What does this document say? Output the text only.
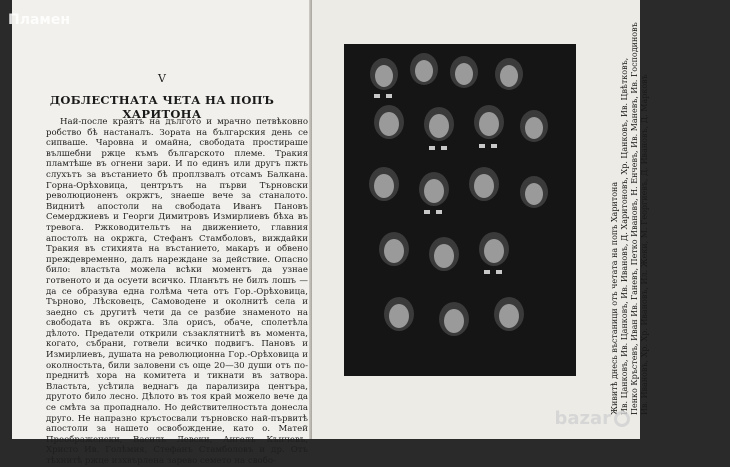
V
ДОБЛЕСТНАТА ЧЕТА НА ПОПЪ ХАРИТОНА

Най-после краятъ на дългото и мрачно петвѣковно робство бѣ настаналъ. Зората на българския день се сипваше. Чаровна и омайна, свободата простираше вълшебни ржце къмъ българското племе. Тракия пламтѣше въ огнени зари. И по единъ или другъ пжть слухътъ за въстанието бѣ проплзвалъ отсамъ Балкана. Горна-Орѣховица, центрътъ на първи Търновски революционенъ окржгъ, знаеше вече за станалото. Виднитѣ апостоли на свободата Иванъ Пановъ Семерджиевъ и Георги Димитровъ Измирлиевъ бѣха въ тревога. Ржководительтъ на движението, главния апостолъ на окржга, Стефанъ Стамболовъ, виждайки Тракия въ стихията на въстанието, макаръ и обвено преждевременно, далъ нареждане за действие. Опасно било: властьта можела всѣки моментъ да узнае готвеното и да осуети всичко. Планътъ не билъ лошъ — да се образува една голѣма чета отъ Гор.-Орѣховица, Търново, Лѣсковецъ, Самоводене и околнитѣ села и заедно съ другитѣ чети да се разбие знаменото на свободата въ окржга. Зла орисъ, обаче, сполетѣла дѣлото. Предатели открили съзаклятнитѣ въ момента, когато, събрани, готвели всичко подвигъ. Пановъ и Измирлиевъ, душата на революционна Гор.-Орѣховица и околностьта, били заловени съ още 20—30 души отъ по-преднитѣ хора на комитета и тикнати въ затвора. Властьта, усѣтила веднагъ да парализира центъра, другото било лесно. Дѣлото въ тоя край можело вече да се смѣта за пропаднало. Но действителностьта донесла друго. Не напразно кръстосвали търновско най-първитѣ апостоли за нашето освобождение, като о. Матей Преображенски, Василъ Левски, Ангелъ Кънчевъ, Христо Ив. Голѣмия, Стефанъ Стамболовъ и др. Отъ тѣхнитѣ ржце изхвърлена зарево семето на свобо-

Живитѣ днесь въстаници отъ четата на попъ Харитона Ив. Цанковъ, Ив. Цанковъ, Ив. Ивановъ, Д. Харитоновъ, Хр. Цанковъ, Ив. Цвѣтковъ, Пенко Кръстевъ, Иван Ив. Ганевъ, Петко Ивановъ, Н. Енчевъ, Ив. Маневъ, Ив. Господиновъ Ив. Ивановъ, Хр. Хр. Ивановъ, Ил. Жеки, М. Георгиевъ, Д. Ивановъ, Д. Марковъ
Пламен
bazar
